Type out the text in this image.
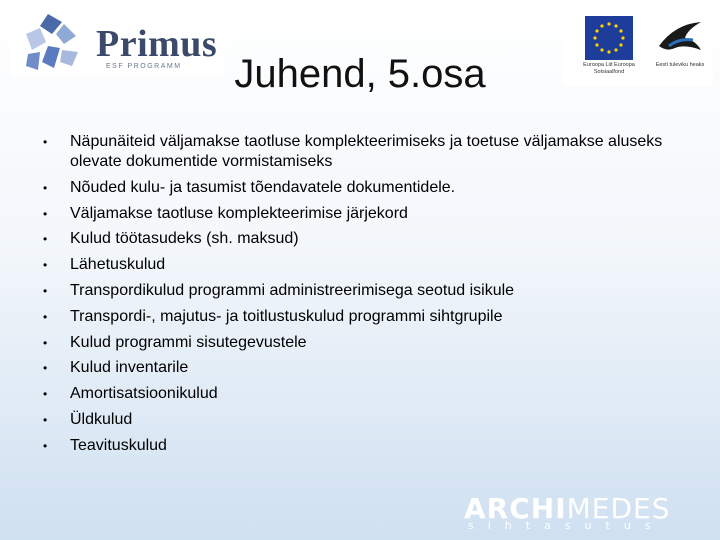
Primus
ESF PROGRAMM	Euroopa Liit Euroopa Sotsiaalfond
Eesti tuleviku heaks
Juhend, 5.osa
• Näpunäiteid väljamakse taotluse komplekteerimiseks ja toetuse väljamakse aluseks olevate dokumentide vormistamiseks
• Nõuded kulu- ja tasumist tõendavatele dokumentidele.
• Väljamakse taotluse komplekteerimise järjekord
• Kulud töötasudeks (sh. maksud)
• Lähetuskulud
• Transpordikulud programmi administreerimisega seotud isikule
• Transpordi-, majutus- ja toitlustuskulud programmi sihtgrupile
• Kulud programmi sisutegevustele
• Kulud inventarile
• Amortisatsioonikulud
• Üldkulud
• Teavituskulud
ARCHIMEDES
sihtasutus
